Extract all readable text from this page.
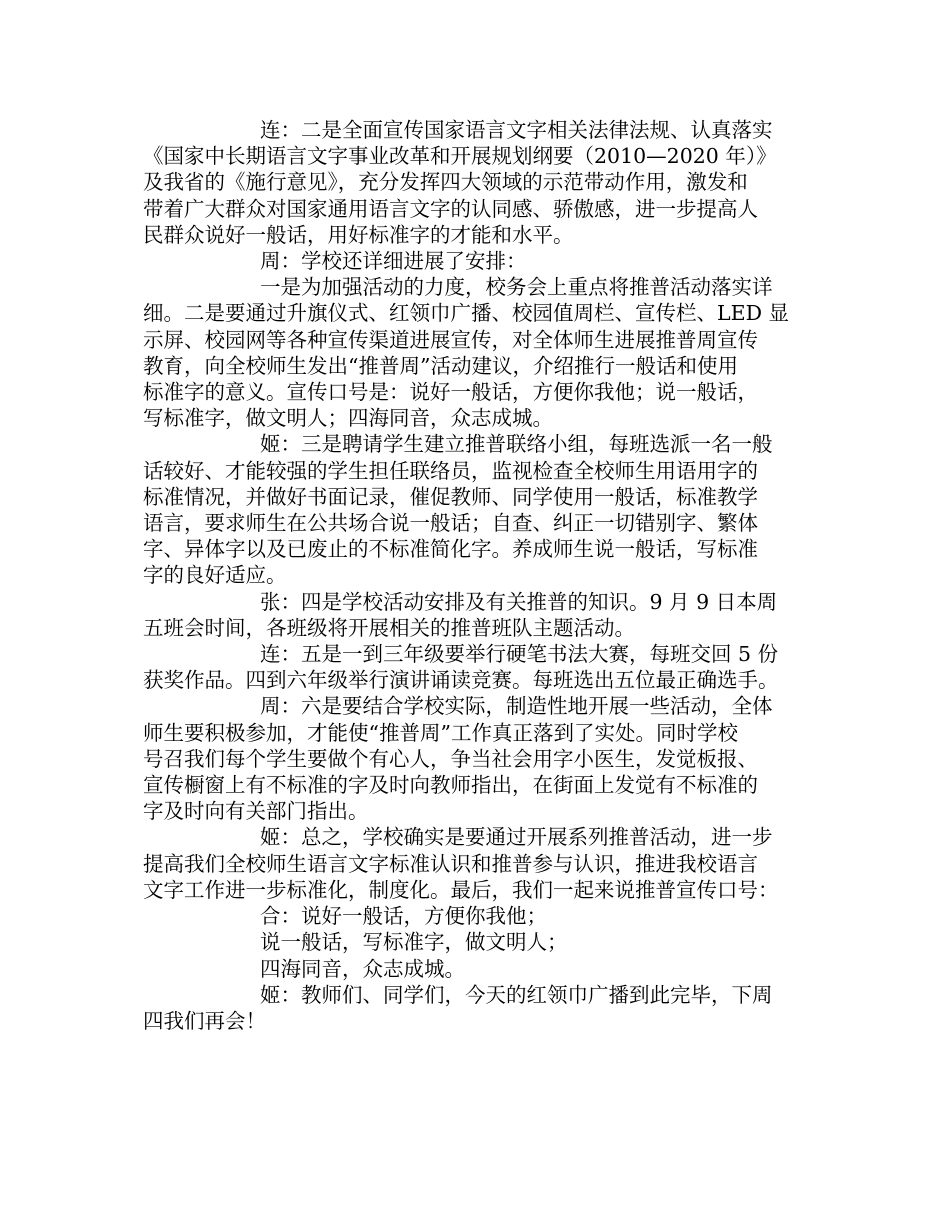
连：二是全面宣传国家语言文字相关法律法规、认真落实
《国家中长期语言文字事业改革和开展规划纲要（2010—2020 年）》
及我省的《施行意见》，充分发挥四大领域的示范带动作用，激发和
带着广大群众对国家通用语言文字的认同感、骄傲感，进一步提高人
民群众说好一般话，用好标准字的才能和水平。
周：学校还详细进展了安排：
一是为加强活动的力度，校务会上重点将推普活动落实详
细。二是要通过升旗仪式、红领巾广播、校园值周栏、宣传栏、LED 显
示屏、校园网等各种宣传渠道进展宣传，对全体师生进展推普周宣传
教育，向全校师生发出“推普周”活动建议，介绍推行一般话和使用
标准字的意义。宣传口号是：说好一般话，方便你我他；说一般话，
写标准字，做文明人；四海同音，众志成城。
姬：三是聘请学生建立推普联络小组，每班选派一名一般
话较好、才能较强的学生担任联络员，监视检查全校师生用语用字的
标准情况，并做好书面记录，催促教师、同学使用一般话，标准教学
语言，要求师生在公共场合说一般话；自查、纠正一切错别字、繁体
字、异体字以及已废止的不标准简化字。养成师生说一般话，写标准
字的良好适应。
张：四是学校活动安排及有关推普的知识。9 月 9 日本周
五班会时间，各班级将开展相关的推普班队主题活动。
连：五是一到三年级要举行硬笔书法大赛，每班交回 5 份
获奖作品。四到六年级举行演讲诵读竞赛。每班选出五位最正确选手。
周：六是要结合学校实际，制造性地开展一些活动，全体
师生要积极参加，才能使“推普周”工作真正落到了实处。同时学校
号召我们每个学生要做个有心人，争当社会用字小医生，发觉板报、
宣传橱窗上有不标准的字及时向教师指出，在街面上发觉有不标准的
字及时向有关部门指出。
姬：总之，学校确实是要通过开展系列推普活动，进一步
提高我们全校师生语言文字标准认识和推普参与认识，推进我校语言
文字工作进一步标准化，制度化。最后，我们一起来说推普宣传口号：
合：说好一般话，方便你我他；
说一般话，写标准字，做文明人；
四海同音，众志成城。
姬：教师们、同学们，今天的红领巾广播到此完毕，下周
四我们再会！
